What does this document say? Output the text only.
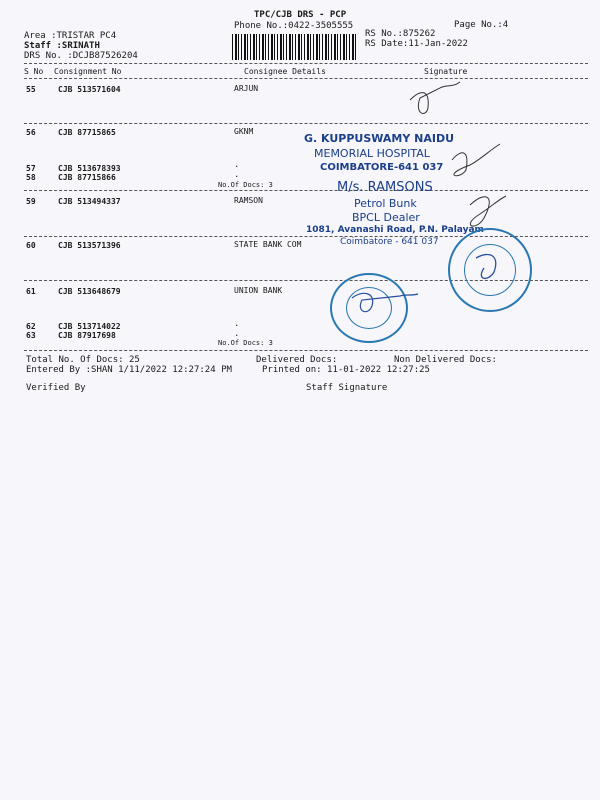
TPC/CJB DRS - PCP
Phone No.:0422-3505555	Page No.:4
Area :TRISTAR PC4
Staff :SRINATH
DRS No. :DCJB87526204
RS No.:875262
RS Date:11-Jan-2022
S No Consignment No	Consignee Details	Signature
55	CJB 513571604	ARJUN
56	CJB 87715865	GKNM
57	CJB 513678393
58	CJB 87715866
.
.
No.Of Docs: 3
59	CJB 513494337	RAMSON
60	CJB 513571396	STATE BANK COM
61	CJB 513648679	UNION BANK
62	CJB 513714022
63	CJB 87917698
.
.
No.Of Docs: 3
Total No. Of Docs: 25	Delivered Docs:	Non Delivered Docs:
Entered By :SHAN 1/11/2022 12:27:24 PM	Printed on: 11-01-2022 12:27:25
Verified By	Staff Signature
G. KUPPUSWAMY NAIDU
MEMORIAL HOSPITAL
COIMBATORE-641 037
M/s. RAMSONS
Petrol Bunk
BPCL Dealer
1081, Avanashi Road, P.N. Palayam
Coimbatore - 641 037
